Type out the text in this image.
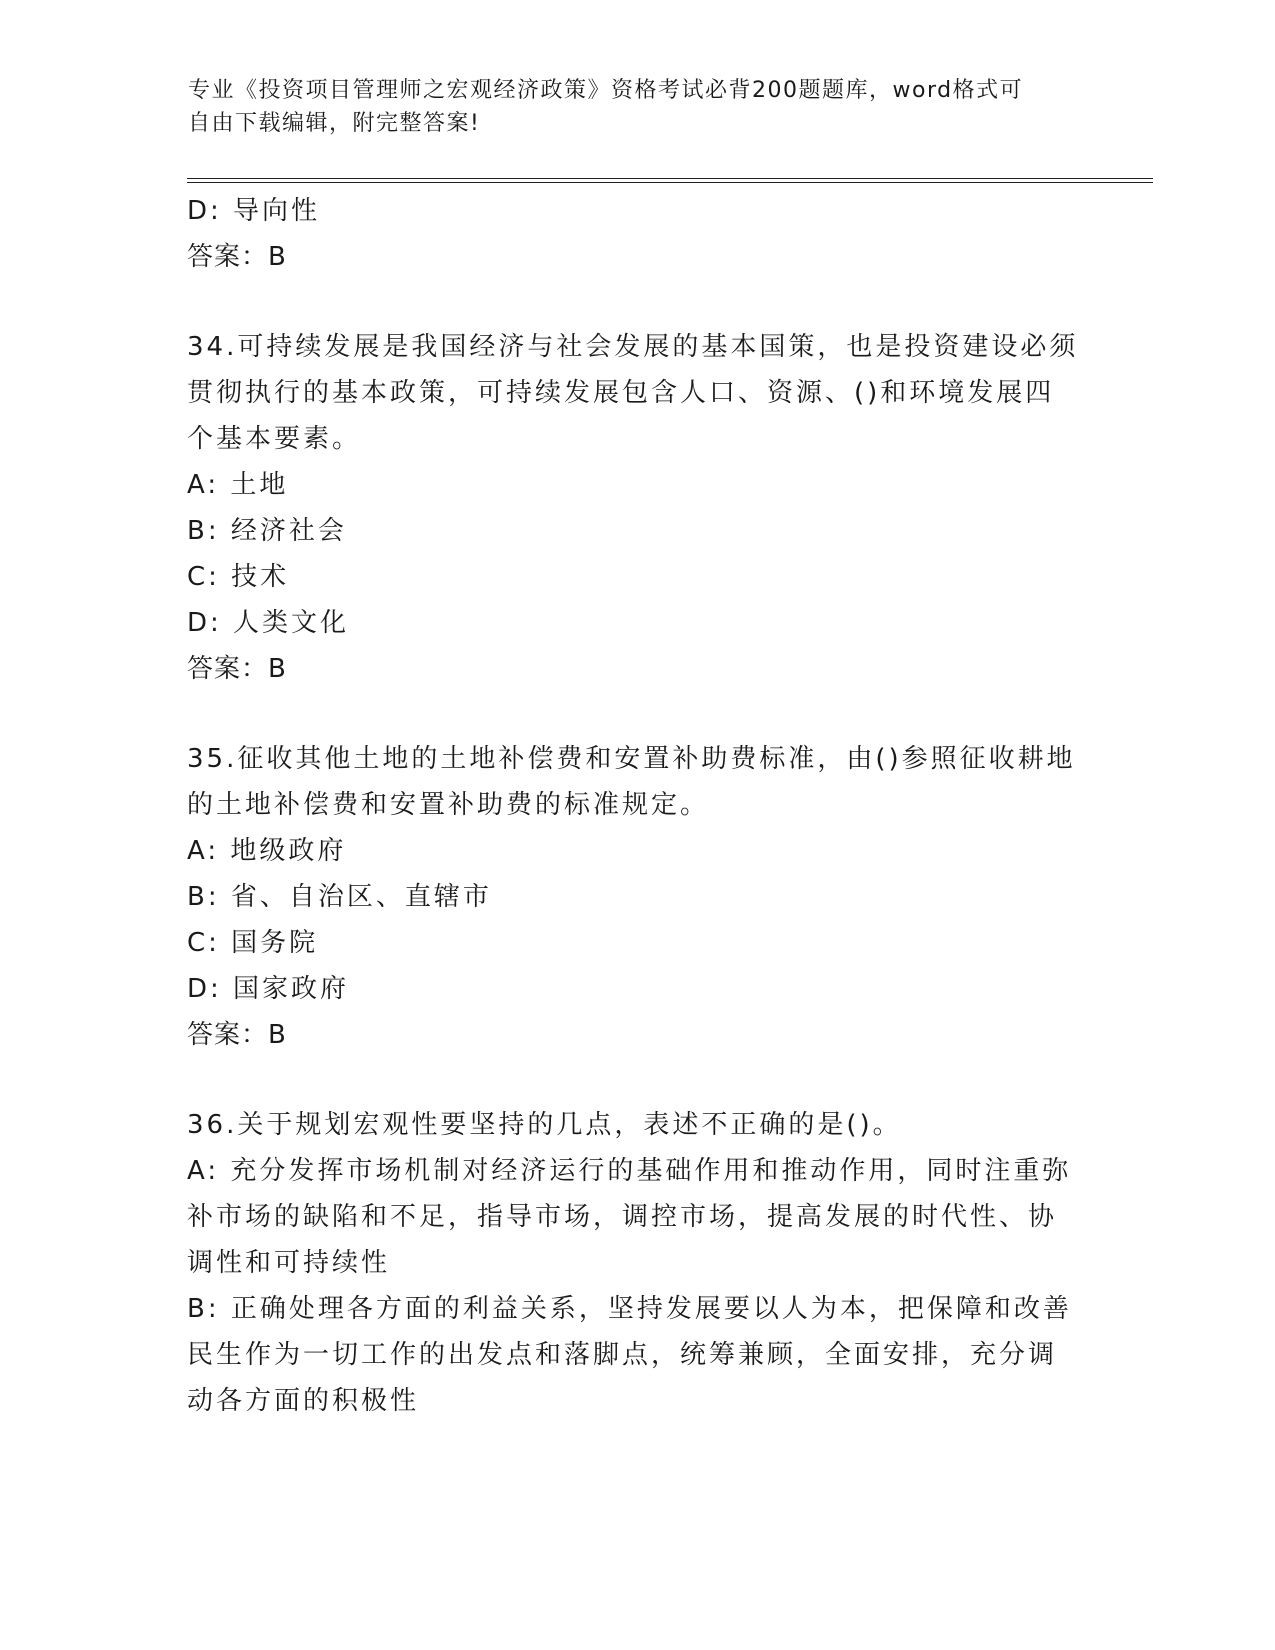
专业《投资项目管理师之宏观经济政策》资格考试必背200题题库，word格式可
自由下载编辑，附完整答案!
D: 导向性
答案：B
34.可持续发展是我国经济与社会发展的基本国策，也是投资建设必须
贯彻执行的基本政策，可持续发展包含人口、资源、()和环境发展四
个基本要素。
A: 土地
B: 经济社会
C: 技术
D: 人类文化
答案：B
35.征收其他土地的土地补偿费和安置补助费标准，由()参照征收耕地
的土地补偿费和安置补助费的标准规定。
A: 地级政府
B: 省、自治区、直辖市
C: 国务院
D: 国家政府
答案：B
36.关于规划宏观性要坚持的几点，表述不正确的是()。
A: 充分发挥市场机制对经济运行的基础作用和推动作用，同时注重弥
补市场的缺陷和不足，指导市场，调控市场，提高发展的时代性、协
调性和可持续性
B: 正确处理各方面的利益关系，坚持发展要以人为本，把保障和改善
民生作为一切工作的出发点和落脚点，统筹兼顾，全面安排，充分调
动各方面的积极性
